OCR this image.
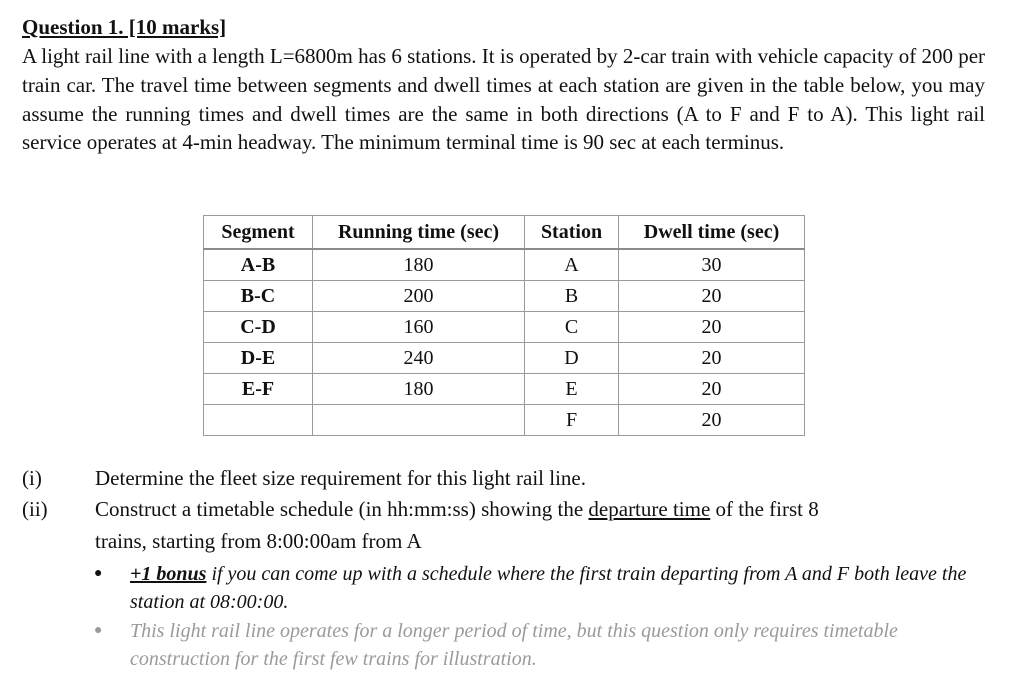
Question 1. [10 marks]
A light rail line with a length L=6800m has 6 stations. It is operated by 2-car train with vehicle capacity of 200 per train car. The travel time between segments and dwell times at each station are given in the table below, you may assume the running times and dwell times are the same in both directions (A to F and F to A). This light rail service operates at 4-min headway. The minimum terminal time is 90 sec at each terminus.
Segment	Running time (sec)	Station	Dwell time (sec)
A-B	180	A	30
B-C	200	B	20
C-D	160	C	20
D-E	240	D	20
E-F	180	E	20
		F	20
(i)	Determine the fleet size requirement for this light rail line.
(ii)	Construct a timetable schedule (in hh:mm:ss) showing the departure time of the first 8
trains, starting from 8:00:00am from A
● +1 bonus if you can come up with a schedule where the first train departing from A and F both leave the station at 08:00:00.
● This light rail line operates for a longer period of time, but this question only requires timetable construction for the first few trains for illustration.
